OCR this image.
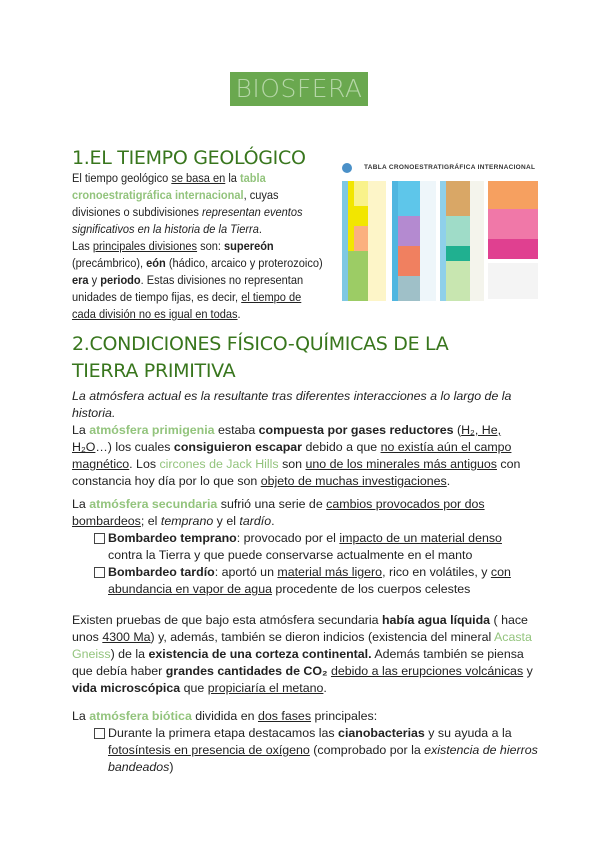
BIOSFERA
1.EL TIEMPO GEOLÓGICO
El tiempo geológico se basa en la tabla
cronoestratigráfica internacional, cuyas
divisiones o subdivisiones representan eventos
significativos en la historia de la Tierra.
Las principales divisiones son: supereón
(precámbrico), eón (hádico, arcaico y proterozoico)
era y periodo. Estas divisiones no representan
unidades de tiempo fijas, es decir, el tiempo de
cada división no es igual en todas.
TABLA CRONOESTRATIGRÁFICA INTERNACIONAL
2.CONDICIONES FÍSICO-QUÍMICAS DE LA
TIERRA PRIMITIVA
La atmósfera actual es la resultante tras diferentes interacciones a lo largo de la
historia.
La atmósfera primigenia estaba compuesta por gases reductores (H₂, He,
H₂O…) los cuales consiguieron escapar debido a que no existía aún el campo
magnético. Los circones de Jack Hills son uno de los minerales más antiguos con
constancia hoy día por lo que son objeto de muchas investigaciones.
La atmósfera secundaria sufrió una serie de cambios provocados por dos
bombardeos; el temprano y el tardío.
Bombardeo temprano: provocado por el impacto de un material denso
contra la Tierra y que puede conservarse actualmente en el manto
Bombardeo tardío: aportó un material más ligero, rico en volátiles, y con
abundancia en vapor de agua procedente de los cuerpos celestes
Existen pruebas de que bajo esta atmósfera secundaria había agua líquida ( hace
unos 4300 Ma) y, además, también se dieron indicios (existencia del mineral Acasta
Gneiss) de la existencia de una corteza continental. Además también se piensa
que debía haber grandes cantidades de CO₂ debido a las erupciones volcánicas y
vida microscópica que propiciaría el metano.
La atmósfera biótica dividida en dos fases principales:
Durante la primera etapa destacamos las cianobacterias y su ayuda a la
fotosíntesis en presencia de oxígeno (comprobado por la existencia de hierros
bandeados)
